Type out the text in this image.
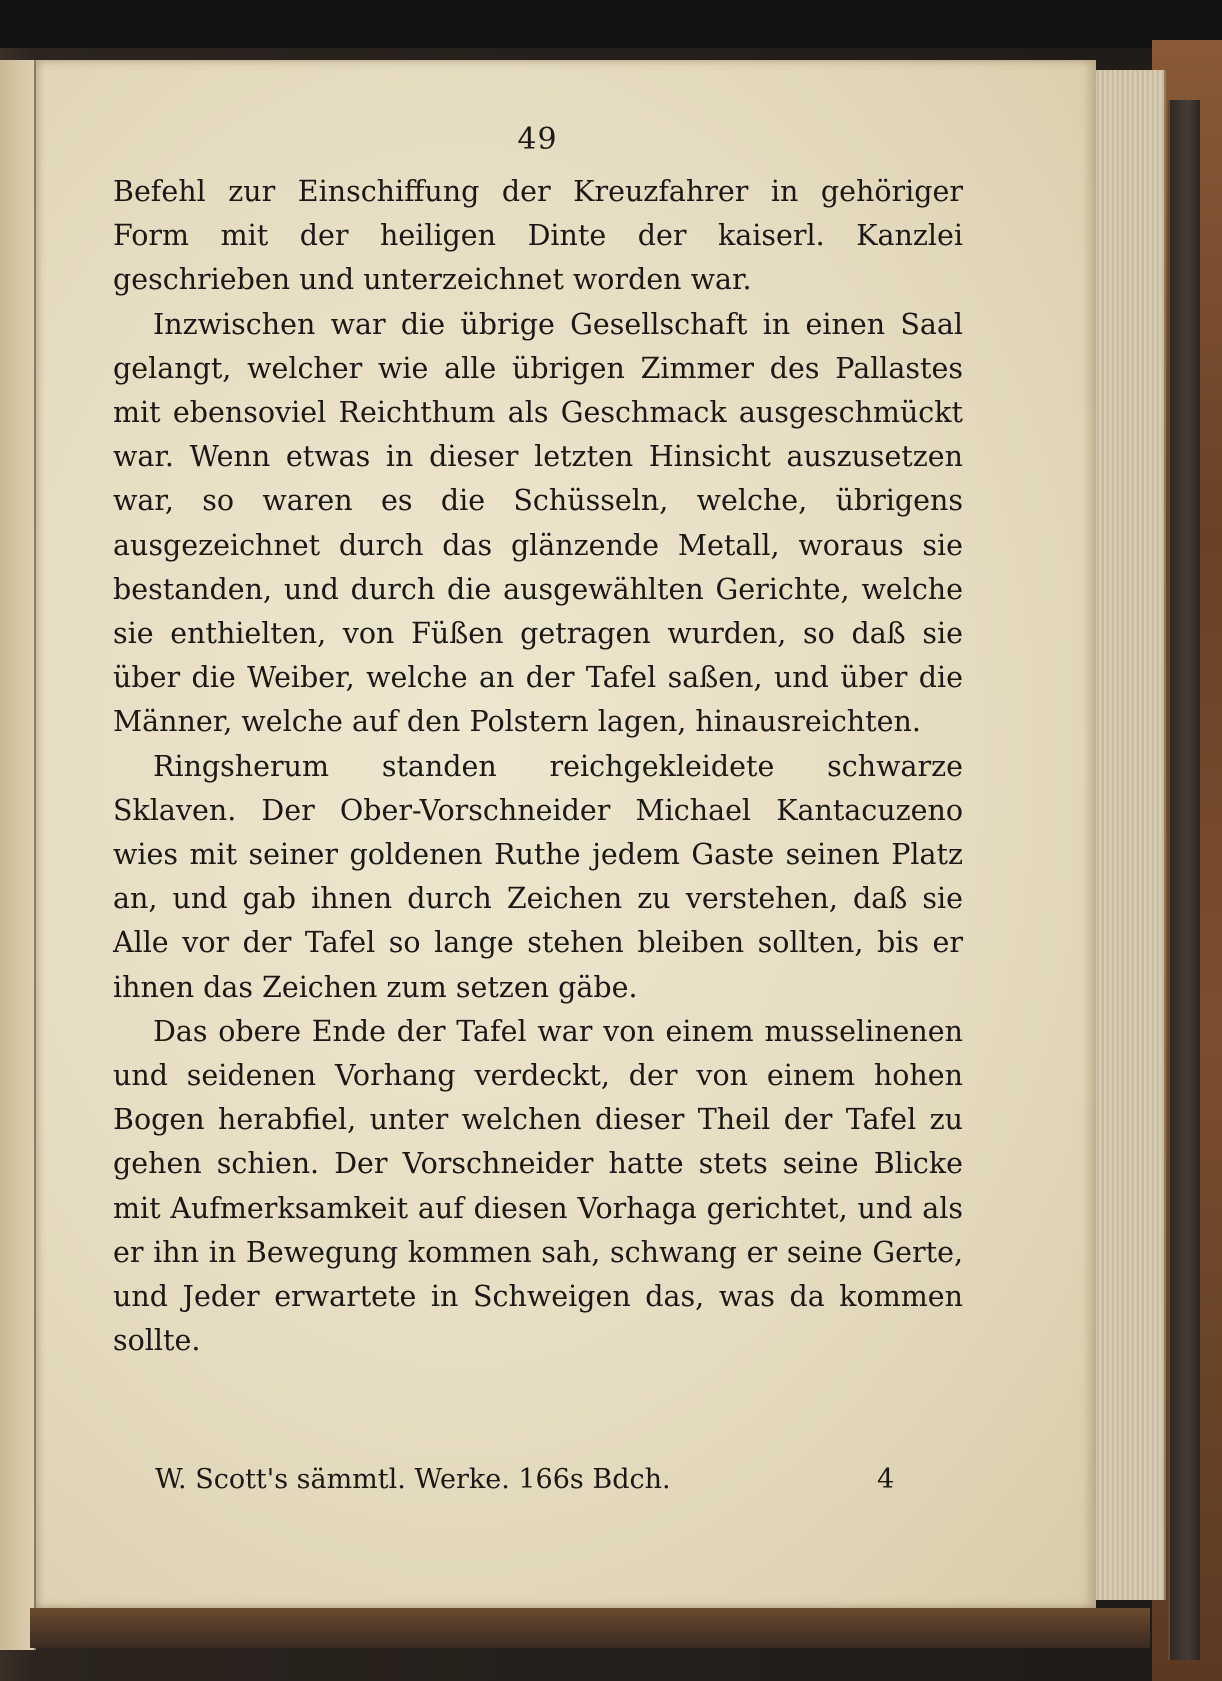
49

Befehl zur Einschiffung der Kreuzfahrer in gehöriger Form mit der heiligen Dinte der kaiserl. Kanzlei geschrieben und unterzeichnet worden war.

Inzwischen war die übrige Gesellschaft in einen Saal gelangt, welcher wie alle übrigen Zimmer des Pallastes mit ebensoviel Reichthum als Geschmack ausgeschmückt war. Wenn etwas in dieser letzten Hinsicht auszusetzen war, so waren es die Schüsseln, welche, übrigens ausgezeichnet durch das glänzende Metall, woraus sie bestanden, und durch die ausgewählten Gerichte, welche sie enthielten, von Füßen getragen wurden, so daß sie über die Weiber, welche an der Tafel saßen, und über die Männer, welche auf den Polstern lagen, hinausreichten.

Ringsherum standen reichgekleidete schwarze Sklaven. Der Ober-Vorschneider Michael Kantacuzeno wies mit seiner goldenen Ruthe jedem Gaste seinen Platz an, und gab ihnen durch Zeichen zu verstehen, daß sie Alle vor der Tafel so lange stehen bleiben sollten, bis er ihnen das Zeichen zum setzen gäbe.

Das obere Ende der Tafel war von einem musselinenen und seidenen Vorhang verdeckt, der von einem hohen Bogen herabfiel, unter welchen dieser Theil der Tafel zu gehen schien. Der Vorschneider hatte stets seine Blicke mit Aufmerksamkeit auf diesen Vorhaga gerichtet, und als er ihn in Bewegung kommen sah, schwang er seine Gerte, und Jeder erwartete in Schweigen das, was da kommen sollte.

W. Scott's sämmtl. Werke. 166s Bdch.	4
